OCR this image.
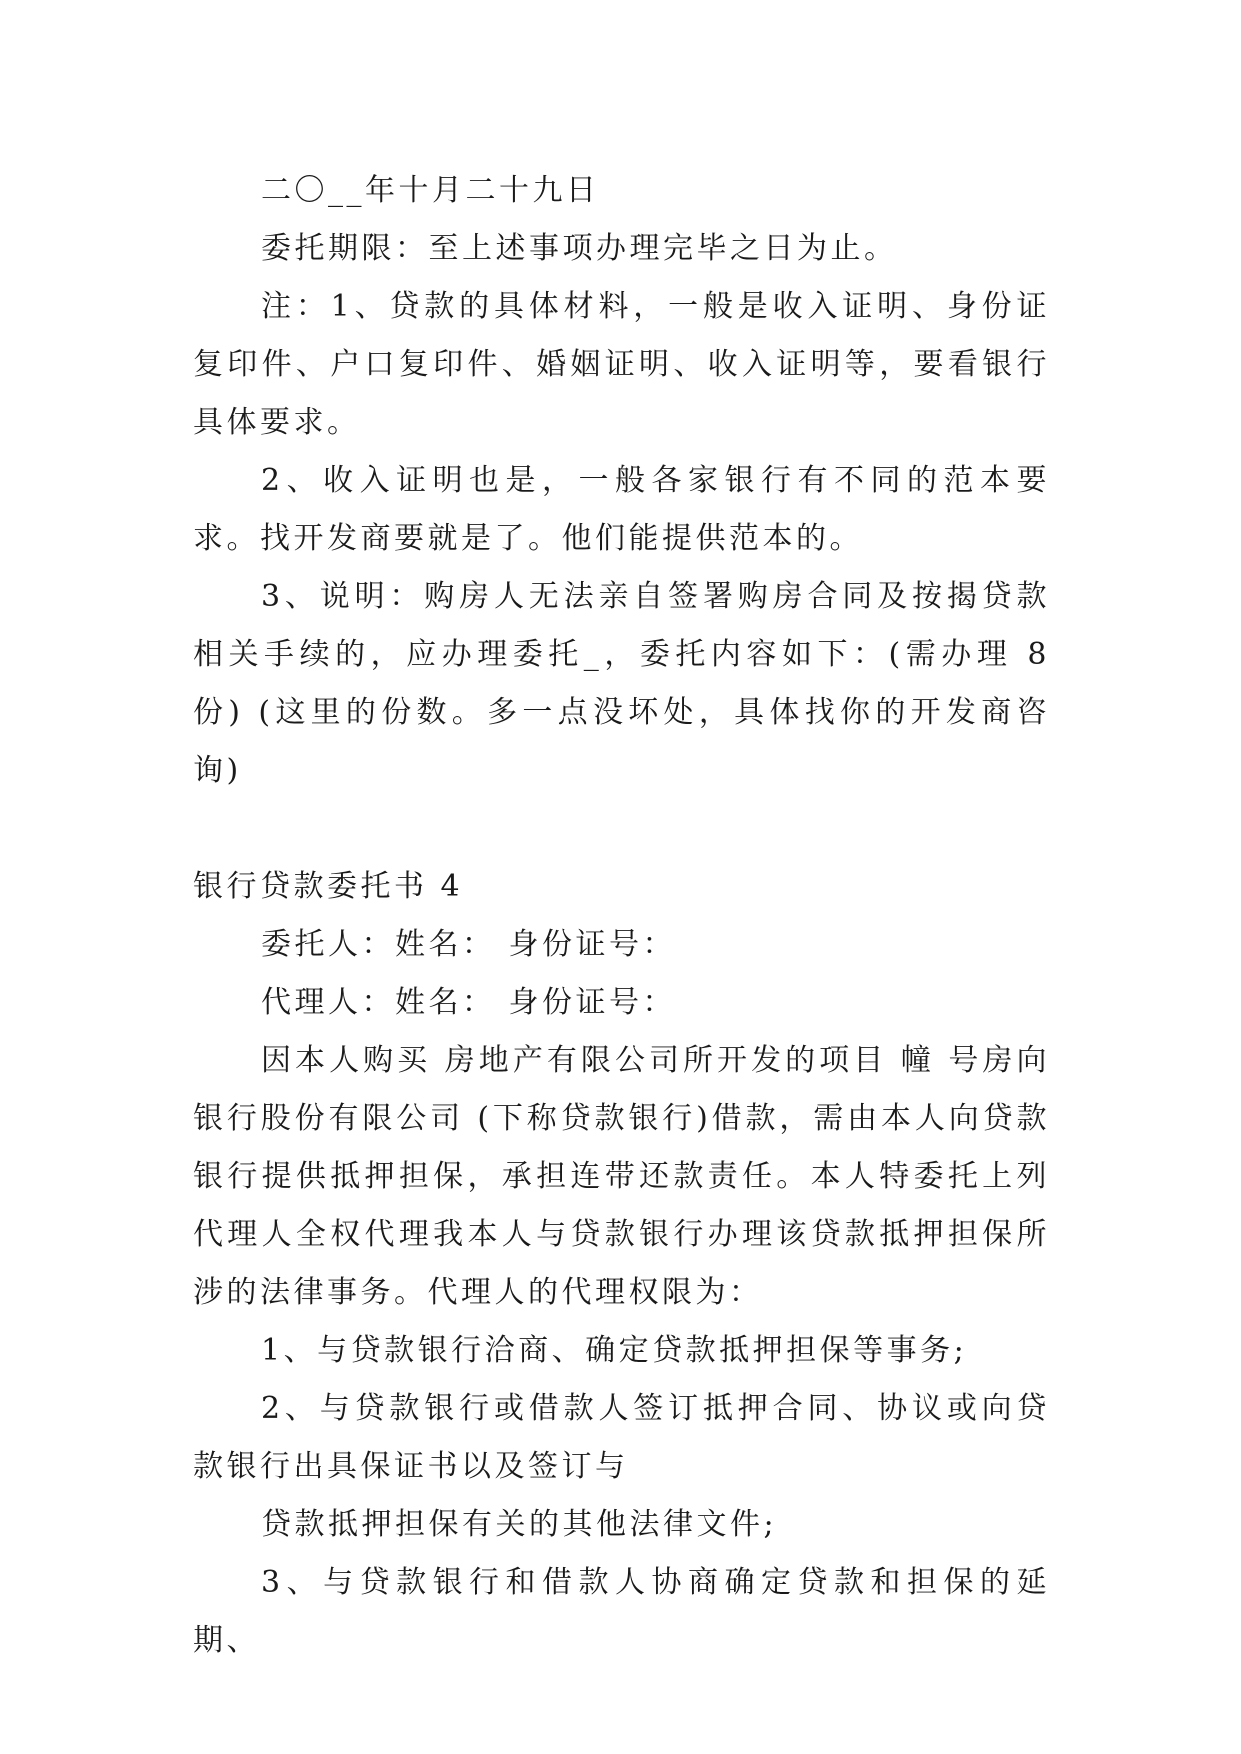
二〇__年十月二十九日

委托期限：至上述事项办理完毕之日为止。

注：1、贷款的具体材料，一般是收入证明、身份证复印件、户口复印件、婚姻证明、收入证明等，要看银行具体要求。

2、收入证明也是，一般各家银行有不同的范本要求。找开发商要就是了。他们能提供范本的。

3、说明：购房人无法亲自签署购房合同及按揭贷款相关手续的，应办理委托_，委托内容如下：(需办理 8 份) (这里的份数。多一点没坏处，具体找你的开发商咨询)

银行贷款委托书 4

委托人：姓名： 身份证号：

代理人：姓名： 身份证号：

因本人购买 房地产有限公司所开发的项目 幢 号房向银行股份有限公司 (下称贷款银行)借款，需由本人向贷款银行提供抵押担保，承担连带还款责任。本人特委托上列代理人全权代理我本人与贷款银行办理该贷款抵押担保所涉的法律事务。代理人的代理权限为：

1、与贷款银行洽商、确定贷款抵押担保等事务;

2、与贷款银行或借款人签订抵押合同、协议或向贷款银行出具保证书以及签订与

贷款抵押担保有关的其他法律文件;

3、与贷款银行和借款人协商确定贷款和担保的延期、
